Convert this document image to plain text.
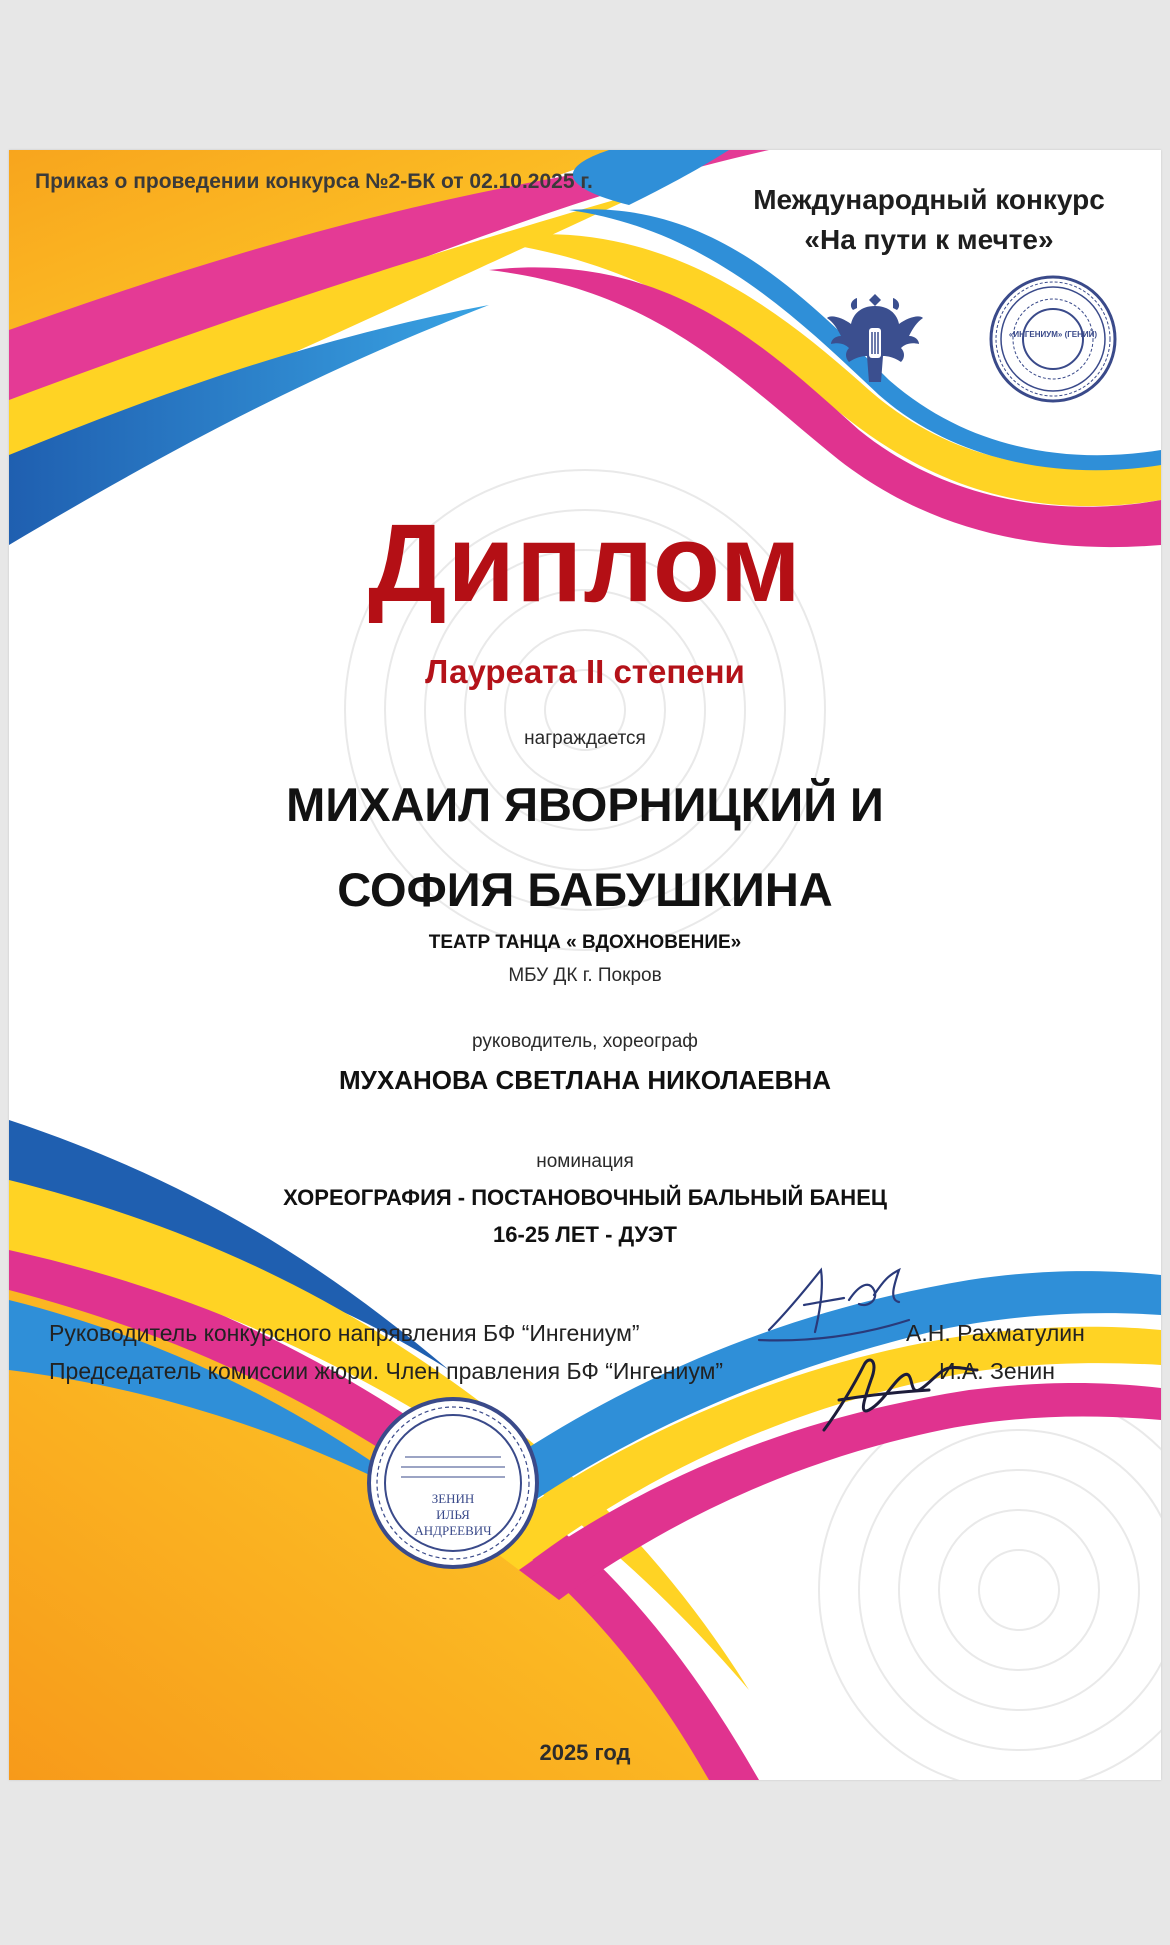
Приказ о проведении конкурса №2-БК от 02.10.2025 г.
Международный конкурс
«На пути к мечте»
«ИНГЕНИУМ» (ГЕНИЙ)
Диплом
Лауреата II степени
награждается
МИХАИЛ ЯВОРНИЦКИЙ И
СОФИЯ БАБУШКИНА
ТЕАТР ТАНЦА « ВДОХНОВЕНИЕ»
МБУ ДК г. Покров
руководитель, хореограф
МУХАНОВА СВЕТЛАНА НИКОЛАЕВНА
номинация
ХОРЕОГРАФИЯ - ПОСТАНОВОЧНЫЙ БАЛЬНЫЙ БАНЕЦ
16-25 ЛЕТ - ДУЭТ
Руководитель конкурсного напрявления БФ “Ингениум”	А.Н. Рахматулин
Председатель комиссии жюри. Член правления БФ “Ингениум”	И.А. Зенин
ЗЕНИН
ИЛЬЯ
АНДРЕЕВИЧ
2025 год
